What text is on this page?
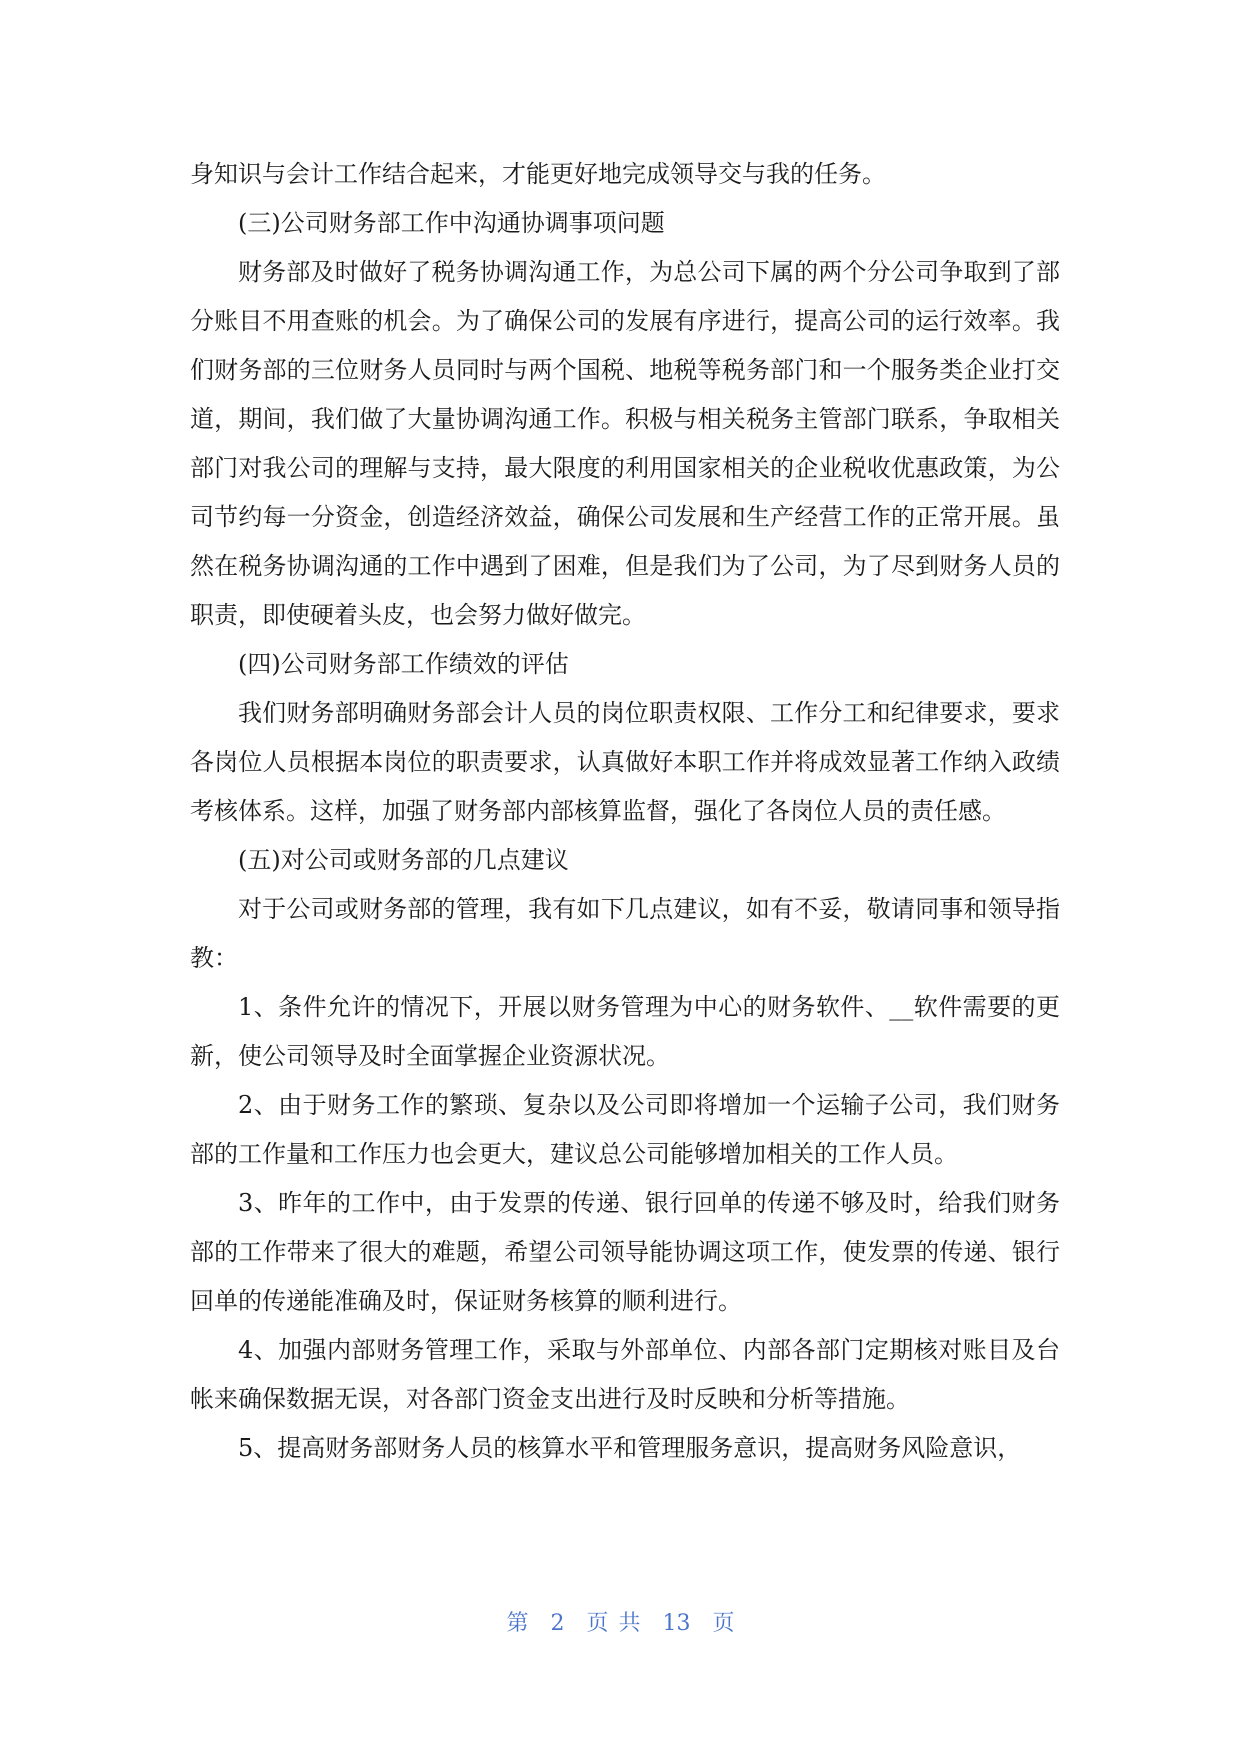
身知识与会计工作结合起来，才能更好地完成领导交与我的任务。

(三)公司财务部工作中沟通协调事项问题

财务部及时做好了税务协调沟通工作，为总公司下属的两个分公司争取到了部分账目不用查账的机会。为了确保公司的发展有序进行，提高公司的运行效率。我们财务部的三位财务人员同时与两个国税、地税等税务部门和一个服务类企业打交道，期间，我们做了大量协调沟通工作。积极与相关税务主管部门联系，争取相关部门对我公司的理解与支持，最大限度的利用国家相关的企业税收优惠政策，为公司节约每一分资金，创造经济效益，确保公司发展和生产经营工作的正常开展。虽然在税务协调沟通的工作中遇到了困难，但是我们为了公司，为了尽到财务人员的职责，即使硬着头皮，也会努力做好做完。

(四)公司财务部工作绩效的评估

我们财务部明确财务部会计人员的岗位职责权限、工作分工和纪律要求，要求各岗位人员根据本岗位的职责要求，认真做好本职工作并将成效显著工作纳入政绩考核体系。这样，加强了财务部内部核算监督，强化了各岗位人员的责任感。

(五)对公司或财务部的几点建议

对于公司或财务部的管理，我有如下几点建议，如有不妥，敬请同事和领导指教：

1、条件允许的情况下，开展以财务管理为中心的财务软件、__软件需要的更新，使公司领导及时全面掌握企业资源状况。

2、由于财务工作的繁琐、复杂以及公司即将增加一个运输子公司，我们财务部的工作量和工作压力也会更大，建议总公司能够增加相关的工作人员。

3、昨年的工作中，由于发票的传递、银行回单的传递不够及时，给我们财务部的工作带来了很大的难题，希望公司领导能协调这项工作，使发票的传递、银行回单的传递能准确及时，保证财务核算的顺利进行。

4、加强内部财务管理工作，采取与外部单位、内部各部门定期核对账目及台帐来确保数据无误，对各部门资金支出进行及时反映和分析等措施。

5、提高财务部财务人员的核算水平和管理服务意识，提高财务风险意识，

第 2 页 共 13 页
